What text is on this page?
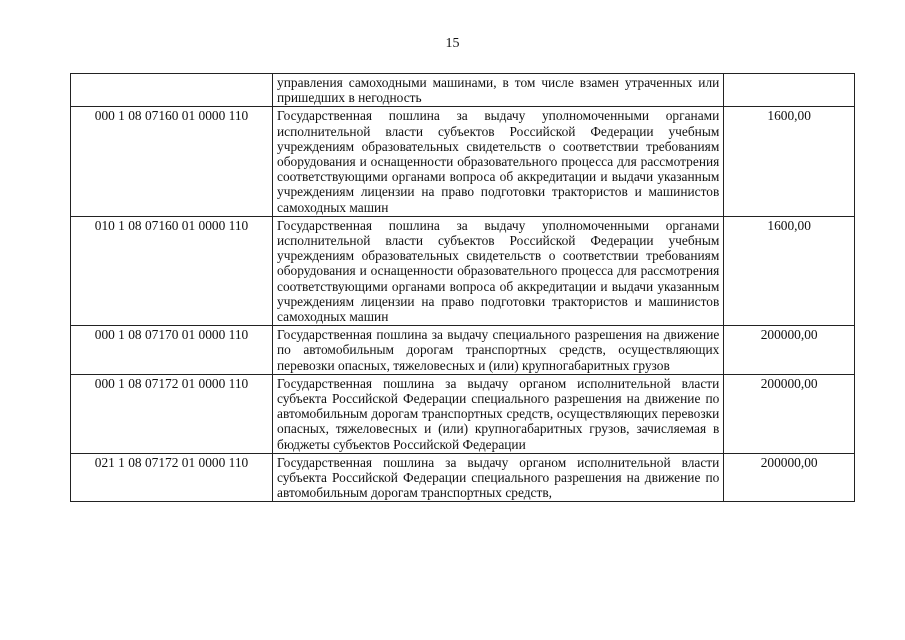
15
	управления самоходными машинами, в том числе взамен утраченных или пришедших в негодность	
000 1 08 07160 01 0000 110	Государственная пошлина за выдачу уполномоченными органами исполнительной власти субъектов Российской Федерации учебным учреждениям образовательных свидетельств о соответствии требованиям оборудования и оснащенности образовательного процесса для рассмотрения соответствующими органами вопроса об аккредитации и выдачи указанным учреждениям лицензии на право подготовки трактористов и машинистов самоходных машин	1600,00
010 1 08 07160 01 0000 110	Государственная пошлина за выдачу уполномоченными органами исполнительной власти субъектов Российской Федерации учебным учреждениям образовательных свидетельств о соответствии требованиям оборудования и оснащенности образовательного процесса для рассмотрения соответствующими органами вопроса об аккредитации и выдачи указанным учреждениям лицензии на право подготовки трактористов и машинистов самоходных машин	1600,00
000 1 08 07170 01 0000 110	Государственная пошлина за выдачу специального разрешения на движение по автомобильным дорогам транспортных средств, осуществляющих перевозки опасных, тяжеловесных и (или) крупногабаритных грузов	200000,00
000 1 08 07172 01 0000 110	Государственная пошлина за выдачу органом исполнительной власти субъекта Российской Федерации специального разрешения на движение по автомобильным дорогам транспортных средств, осуществляющих перевозки опасных, тяжеловесных и (или) крупногабаритных грузов, зачисляемая в бюджеты субъектов Российской Федерации	200000,00
021 1 08 07172 01 0000 110	Государственная пошлина за выдачу органом исполнительной власти субъекта Российской Федерации специального разрешения на движение по автомобильным дорогам транспортных средств,	200000,00
